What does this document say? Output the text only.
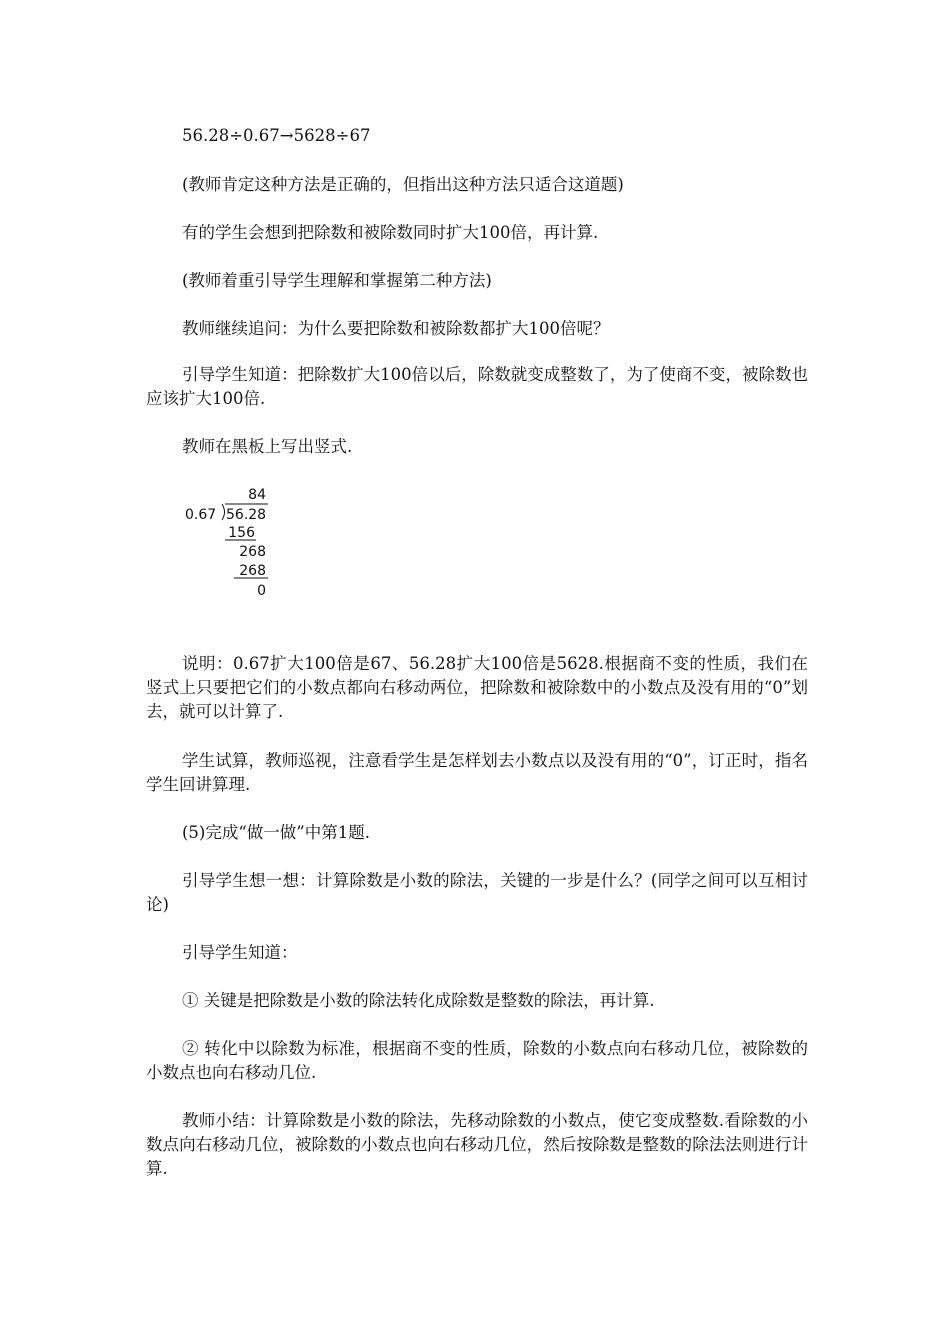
56.28÷0.67→5628÷67
(教师肯定这种方法是正确的，但指出这种方法只适合这道题)
有的学生会想到把除数和被除数同时扩大100倍，再计算.
(教师着重引导学生理解和掌握第二种方法)
教师继续追问：为什么要把除数和被除数都扩大100倍呢？
引导学生知道：把除数扩大100倍以后，除数就变成整数了，为了使商不变，被除数也应该扩大100倍.
教师在黑板上写出竖式.
84
0.67 56.28
156
268
268
0
说明：0.67扩大100倍是67、56.28扩大100倍是5628.根据商不变的性质，我们在竖式上只要把它们的小数点都向右移动两位，把除数和被除数中的小数点及没有用的“0”划去，就可以计算了.
学生试算，教师巡视，注意看学生是怎样划去小数点以及没有用的“0”，订正时，指名学生回讲算理.
(5)完成“做一做”中第1题.
引导学生想一想：计算除数是小数的除法，关键的一步是什么？(同学之间可以互相讨论)
引导学生知道：
① 关键是把除数是小数的除法转化成除数是整数的除法，再计算.
② 转化中以除数为标准，根据商不变的性质，除数的小数点向右移动几位，被除数的小数点也向右移动几位.
教师小结：计算除数是小数的除法，先移动除数的小数点，使它变成整数.看除数的小数点向右移动几位，被除数的小数点也向右移动几位，然后按除数是整数的除法法则进行计算.
